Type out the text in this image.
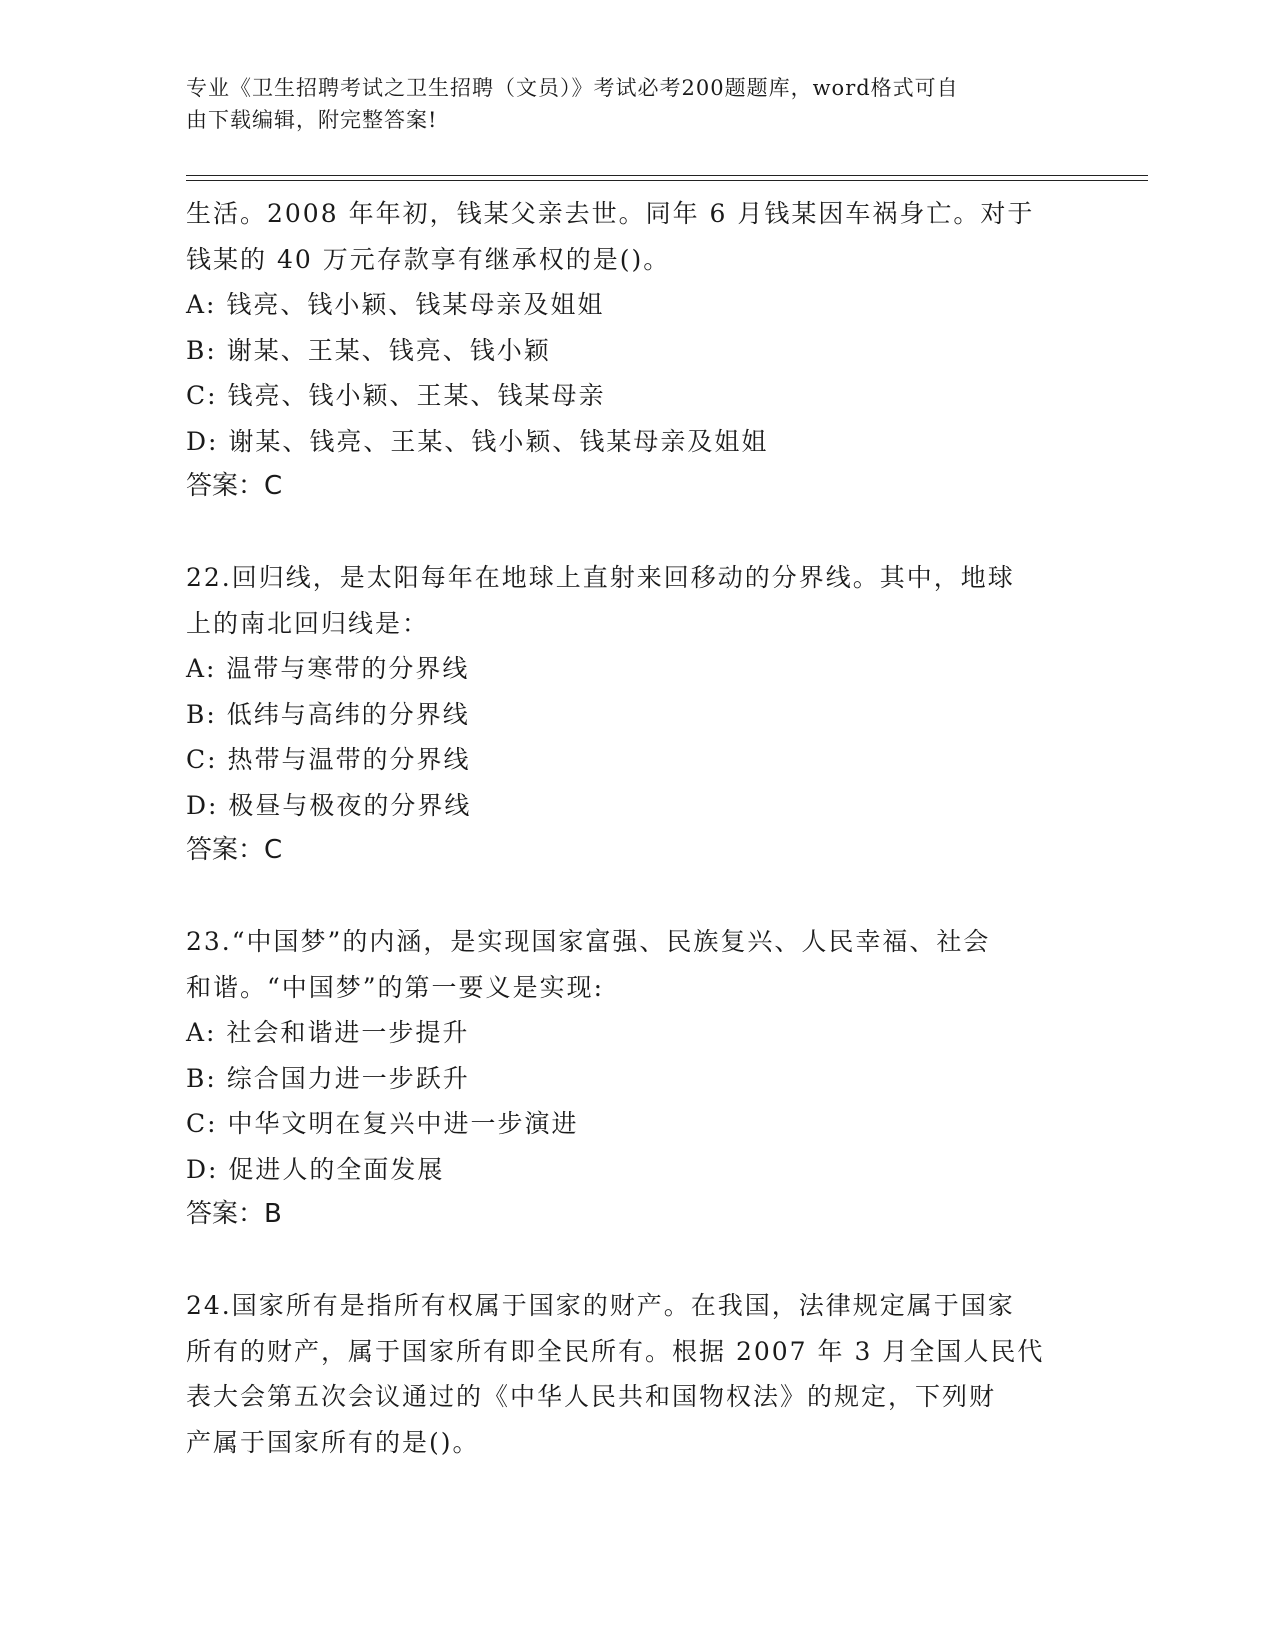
专业《卫生招聘考试之卫生招聘（文员）》考试必考200题题库，word格式可自
由下载编辑，附完整答案!
生活。2008 年年初，钱某父亲去世。同年 6 月钱某因车祸身亡。对于
钱某的 40 万元存款享有继承权的是()。
A: 钱亮、钱小颖、钱某母亲及姐姐
B: 谢某、王某、钱亮、钱小颖
C: 钱亮、钱小颖、王某、钱某母亲
D: 谢某、钱亮、王某、钱小颖、钱某母亲及姐姐
答案：C
22.回归线，是太阳每年在地球上直射来回移动的分界线。其中，地球
上的南北回归线是：
A: 温带与寒带的分界线
B: 低纬与高纬的分界线
C: 热带与温带的分界线
D: 极昼与极夜的分界线
答案：C
23.“中国梦”的内涵，是实现国家富强、民族复兴、人民幸福、社会
和谐。“中国梦”的第一要义是实现:
A: 社会和谐进一步提升
B: 综合国力进一步跃升
C: 中华文明在复兴中进一步演进
D: 促进人的全面发展
答案：B
24.国家所有是指所有权属于国家的财产。在我国，法律规定属于国家
所有的财产，属于国家所有即全民所有。根据 2007 年 3 月全国人民代
表大会第五次会议通过的《中华人民共和国物权法》的规定，下列财
产属于国家所有的是()。
